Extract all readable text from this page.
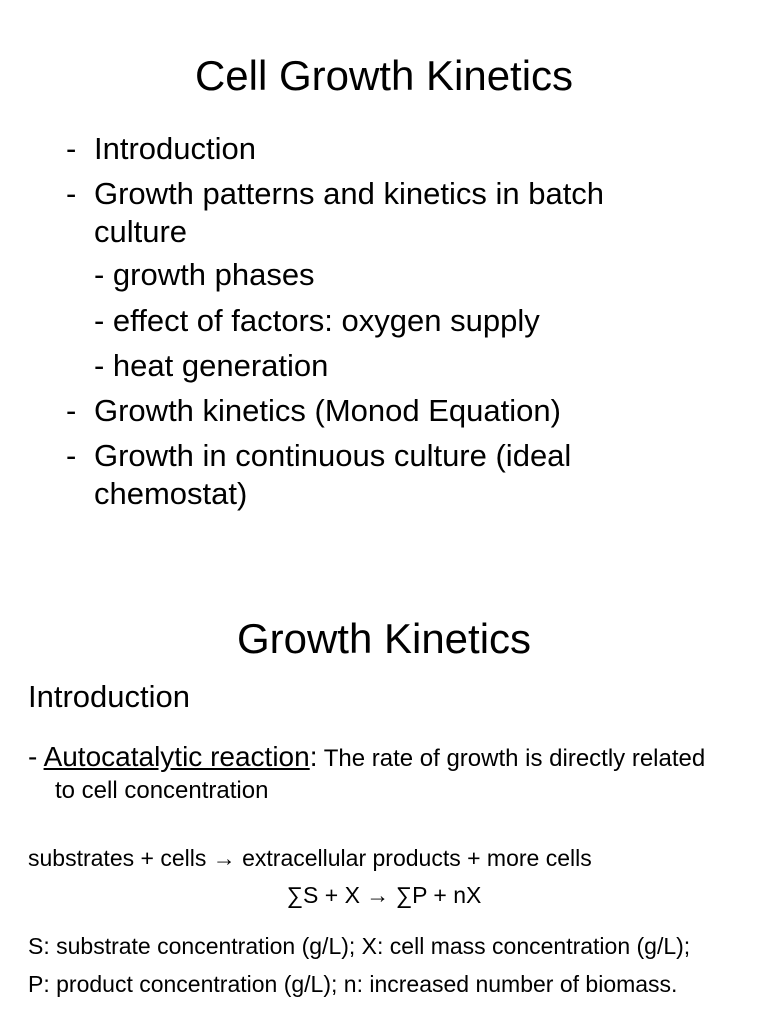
Cell Growth Kinetics
- Introduction
- Growth patterns and kinetics in batch culture
- growth phases
- effect of factors: oxygen supply
- heat generation
- Growth kinetics (Monod Equation)
- Growth in continuous culture (ideal chemostat)
Growth Kinetics
Introduction
- Autocatalytic reaction: The rate of growth is directly related
to cell concentration
substrates + cells → extracellular products + more cells
∑S + X → ∑P + nX
S: substrate concentration (g/L); X: cell mass concentration (g/L);
P: product concentration (g/L); n: increased number of biomass.
